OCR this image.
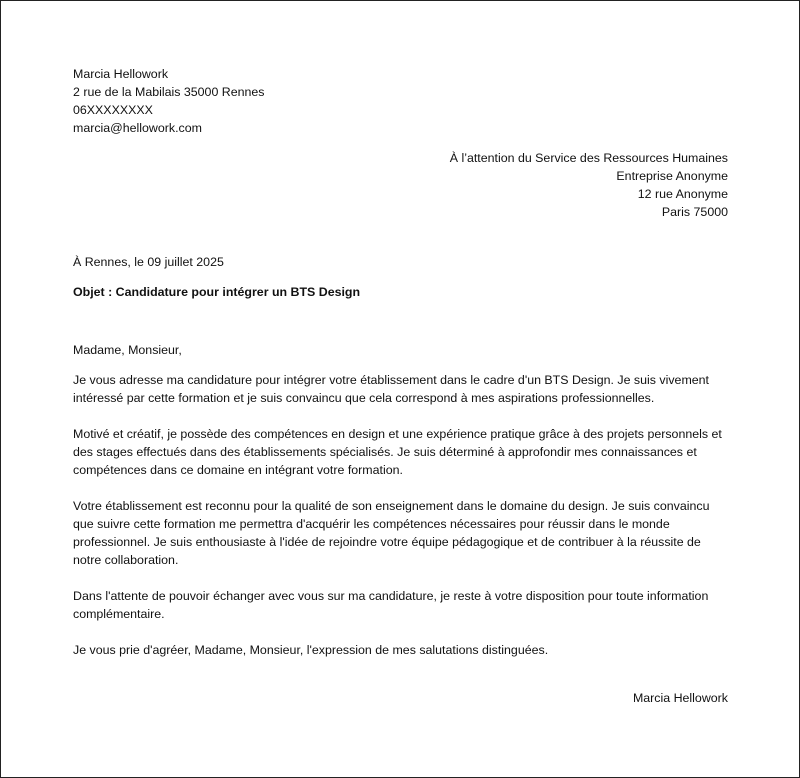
Marcia Hellowork
2 rue de la Mabilais 35000 Rennes
06XXXXXXXX
marcia@hellowork.com
À l’attention du Service des Ressources Humaines
Entreprise Anonyme
12 rue Anonyme
Paris 75000
À Rennes, le 09 juillet 2025
Objet : Candidature pour intégrer un BTS Design
Madame, Monsieur,

Je vous adresse ma candidature pour intégrer votre établissement dans le cadre d'un BTS Design. Je suis vivement intéressé par cette formation et je suis convaincu que cela correspond à mes aspirations professionnelles.

Motivé et créatif, je possède des compétences en design et une expérience pratique grâce à des projets personnels et des stages effectués dans des établissements spécialisés. Je suis déterminé à approfondir mes connaissances et compétences dans ce domaine en intégrant votre formation.

Votre établissement est reconnu pour la qualité de son enseignement dans le domaine du design. Je suis convaincu que suivre cette formation me permettra d'acquérir les compétences nécessaires pour réussir dans le monde professionnel. Je suis enthousiaste à l'idée de rejoindre votre équipe pédagogique et de contribuer à la réussite de notre collaboration.

Dans l'attente de pouvoir échanger avec vous sur ma candidature, je reste à votre disposition pour toute information complémentaire.

Je vous prie d'agréer, Madame, Monsieur, l'expression de mes salutations distinguées.

Marcia Hellowork
